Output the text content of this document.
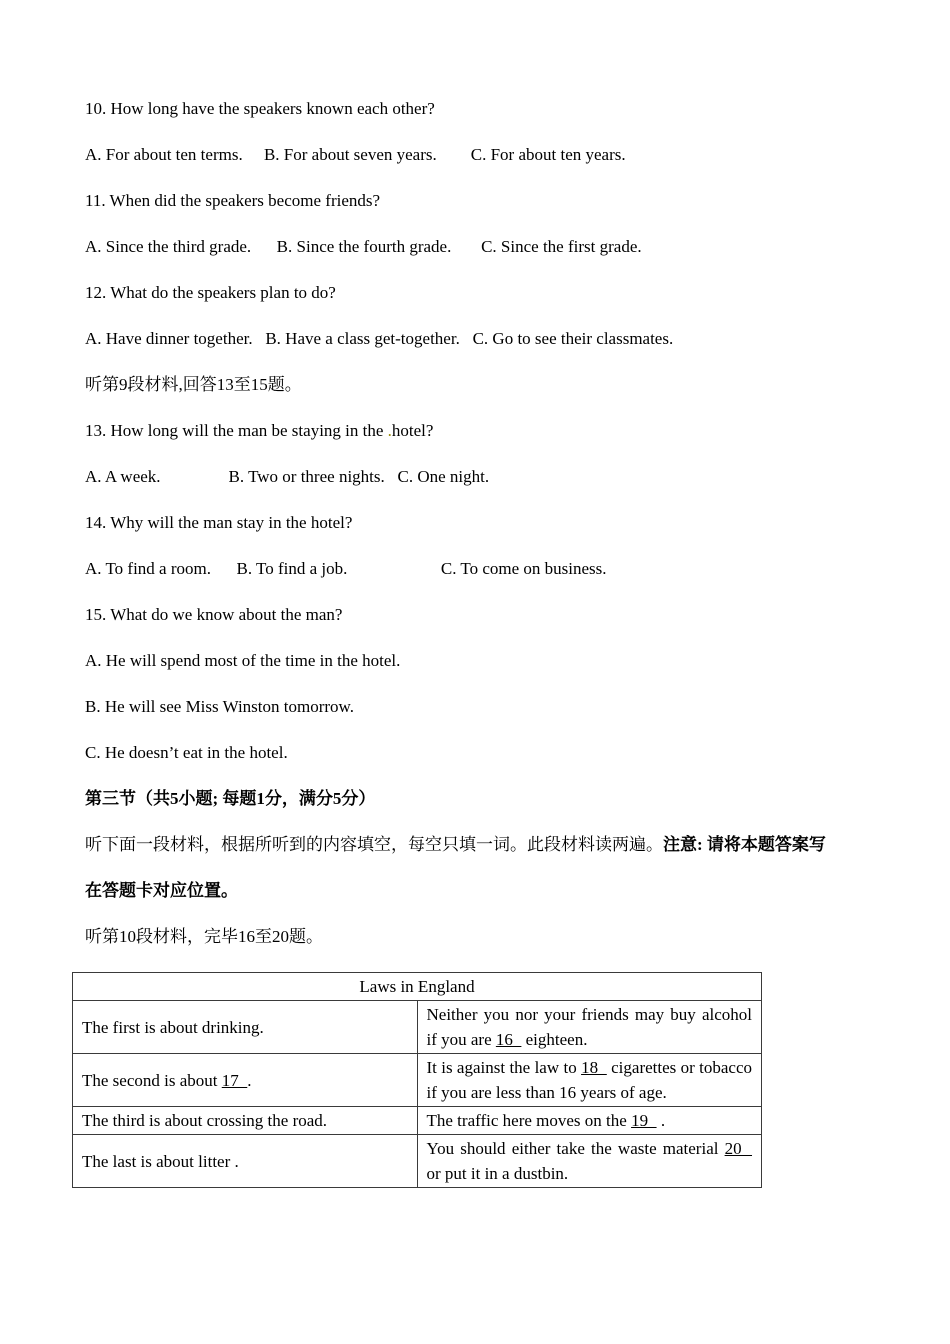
10. How long have the speakers known each other?

A. For about ten terms.     B. For about seven years.        C. For about ten years.

11. When did the speakers become friends?

A. Since the third grade.      B. Since the fourth grade.       C. Since the first grade.

12. What do the speakers plan to do?

A. Have dinner together.   B. Have a class get-together.   C. Go to see their classmates.

听第9段材料,回答13至15题。

13. How long will the man be staying in the .hotel?

A. A week.                B. Two or three nights.   C. One night.

14. Why will the man stay in the hotel?

A. To find a room.      B. To find a job.                      C. To come on business.

15. What do we know about the man?

A. He will spend most of the time in the hotel.

B. He will see Miss Winston tomorrow.

C. He doesn’t eat in the hotel.

第三节（共5小题; 每题1分，满分5分）

听下面一段材料，根据所听到的内容填空，每空只填一词。此段材料读两遍。注意: 请将本题答案写

在答题卡对应位置。

听第10段材料，完毕16至20题。

Laws in England	
The first is about drinking.	Neither you nor your friends may buy alcohol if you are 16   eighteen.
The second is about 17  .	It is against the law to 18   cigarettes or tobacco if you are less than 16 years of age.
The third is about crossing the road.	The traffic here moves on the 19   .
The last is about litter .	You should either take the waste material 20   or put it in a dustbin.
